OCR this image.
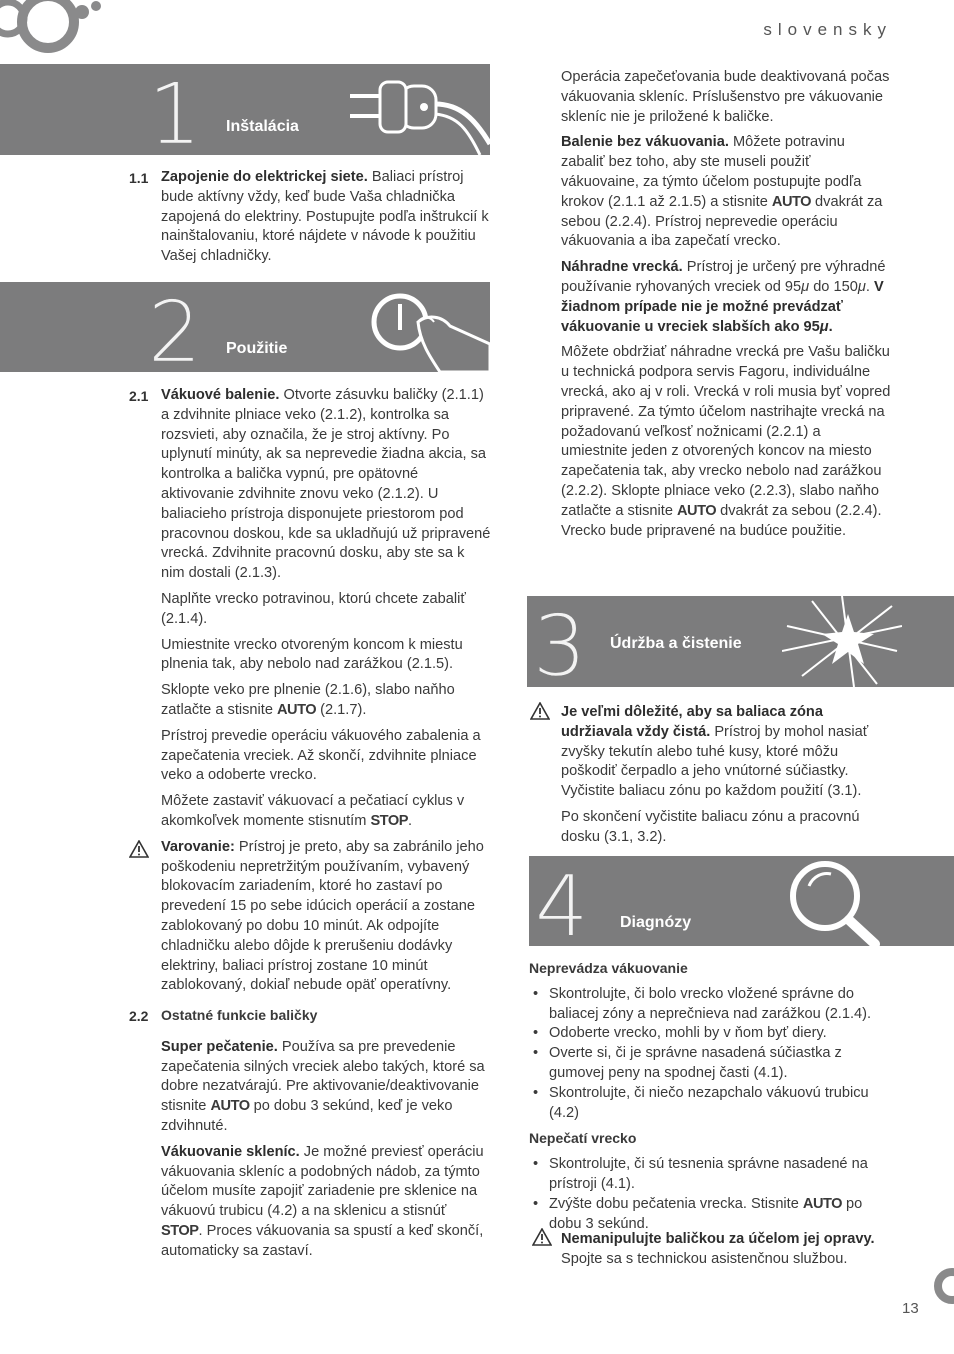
slovensky
1 Inštalácia
1.1 Zapojenie do elektrickej siete. Baliaci prístroj bude aktívny vždy, keď bude Vaša chladnička zapojená do elektriny. Postupujte podľa inštrukcií k nainštalovaniu, ktoré nájdete v návode k použitiu Vašej chladničky.

2 Použitie
2.1 Vákuové balenie. Otvorte zásuvku baličky (2.1.1) a zdvihnite plniace veko (2.1.2), kontrolka sa rozsvieti, aby označila, že je stroj aktívny. Po uplynutí minúty, ak sa neprevedie žiadna akcia, sa kontrolka a balička vypnú, pre opätovné aktivovanie zdvihnite znovu veko (2.1.2). U baliacieho prístroja disponujete priestorom pod pracovnou doskou, kde sa ukladňujú už pripravené vrecká. Zdvihnite pracovnú dosku, aby ste sa k nim dostali (2.1.3).

Naplňte vrecko potravinou, ktorú chcete zabaliť (2.1.4).

Umiestnite vrecko otvoreným koncom k miestu plnenia tak, aby nebolo nad zarážkou (2.1.5).

Sklopte veko pre plnenie (2.1.6), slabo naňho zatlačte a stisnite AUTO (2.1.7).

Prístroj prevedie operáciu vákuového zabalenia a zapečatenia vreciek. Až skončí, zdvihnite plniace veko a odoberte vrecko.

Môžete zastaviť vákuovací a pečatiací cyklus v akomkoľvek momente stisnutím STOP.

Varovanie: Prístroj je preto, aby sa zabránilo jeho poškodeniu nepretržitým používaním, vybavený blokovacím zariadením, ktoré ho zastaví po prevedení 15 po sebe idúcich operácií a zostane zablokovaný po dobu 10 minút. Ak odpojíte chladničku alebo dôjde k prerušeniu dodávky elektriny, baliaci prístroj zostane 10 minút zablokovaný, dokiaľ nebude opäť operatívny.

2.2 Ostatné funkcie baličky

Super pečatenie. Používa sa pre prevedenie zapečatenia silných vreciek alebo takých, ktoré sa dobre nezatvárajú. Pre aktivovanie/deaktivovanie stisnite AUTO po dobu 3 sekúnd, keď je veko zdvihnuté.

Vákuovanie skleníc. Je možné previesť operáciu vákuovania skleníc a podobných nádob, za týmto účelom musíte zapojiť zariadenie pre sklenice na vákuovú trubicu (4.2) a na sklenicu a stisnúť STOP. Proces vákuovania sa spustí a keď skončí, automaticky sa zastaví.

Operácia zapečeťovania bude deaktivovaná počas vákuovania skleníc. Príslušenstvo pre vákuovanie skleníc nie je priložené k baličke.

Balenie bez vákuovania. Môžete potravinu zabaliť bez toho, aby ste museli použiť vákuovaine, za týmto účelom postupujte podľa krokov (2.1.1 až 2.1.5) a stisnite AUTO dvakrát za sebou (2.2.4). Prístroj neprevedie operáciu vákuovania a iba zapečatí vrecko.

Náhradne vrecká. Prístroj je určený pre výhradné používanie ryhovaných vreciek od 95μ do 150μ. V žiadnom prípade nie je možné prevádzať vákuovanie u vreciek slabších ako 95μ.

Môžete obdržiať náhradne vrecká pre Vašu baličku u technická podpora servis Fagoru, individuálne vrecká, ako aj v roli. Vrecká v roli musia byť vopred pripravené. Za týmto účelom nastrihajte vrecká na požadovanú veľkosť nožnicami (2.2.1) a umiestnite jeden z otvorených koncov na miesto zapečatenia tak, aby vrecko nebolo nad zarážkou (2.2.2). Sklopte plniace veko (2.2.3), slabo naňho zatlačte a stisnite AUTO dvakrát za sebou (2.2.4). Vrecko bude pripravené na budúce použitie.

3 Údržba a čistenie

Je veľmi dôležité, aby sa baliaca zóna udržiavala vždy čistá. Prístroj by mohol nasiať zvyšky tekutín alebo tuhé kusy, ktoré môžu poškodiť čerpadlo a jeho vnútorné súčiastky. Vyčistite baliacu zónu po každom použití (3.1).

Po skončení vyčistite baliacu zónu a pracovnú dosku (3.1, 3.2).

4 Diagnózy

Neprevádza vákuovanie

• Skontrolujte, či bolo vrecko vložené správne do baliacej zóny a neprečnieva nad zarážkou (2.1.4).
• Odoberte vrecko, mohli by v ňom byť diery.
• Overte si, či je správne nasadená súčiastka z gumovej peny na spodnej časti (4.1).
• Skontrolujte, či niečo nezapchalo vákuovú trubicu (4.2)

Nepečatí vrecko

• Skontrolujte, či sú tesnenia správne nasadené na prístroji (4.1).
• Zvýšte dobu pečatenia vrecka. Stisnite AUTO po dobu 3 sekúnd.

Nemanipulujte baličkou za účelom jej opravy. Spojte sa s technickou asistenčnou službou.

13
